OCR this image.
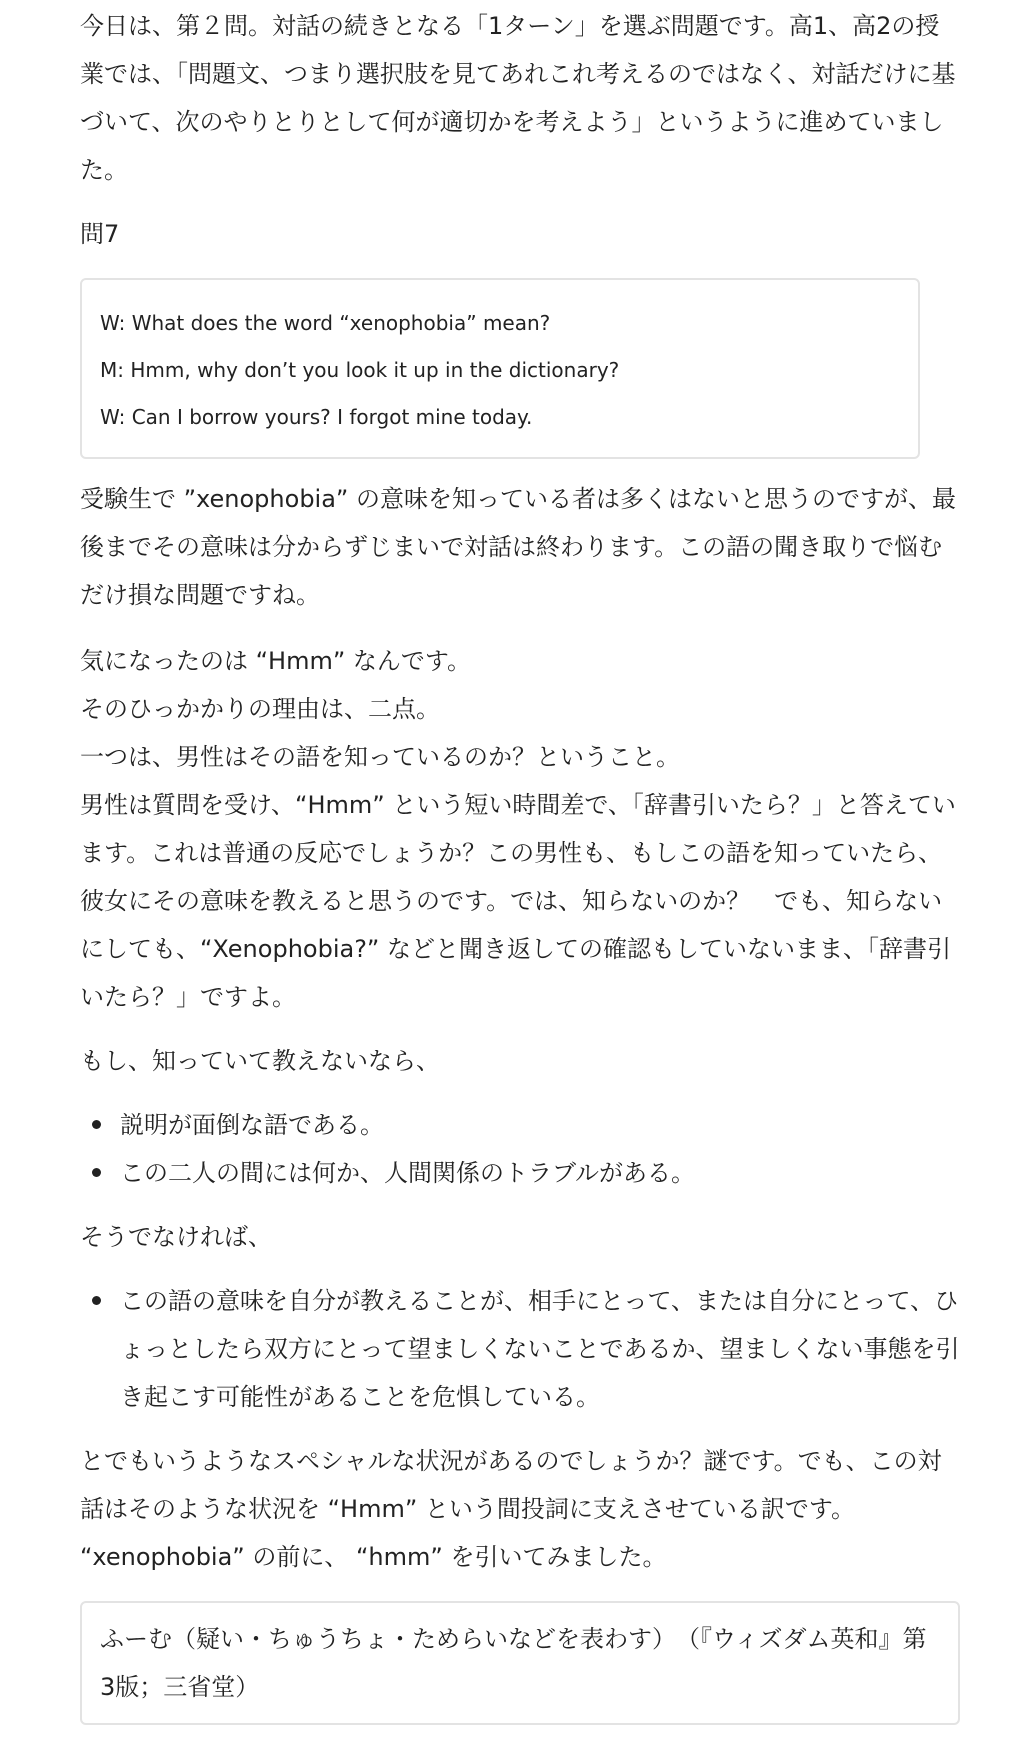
今日は、第２問。対話の続きとなる「1ターン」を選ぶ問題です。高1、高2の授業では、「問題文、つまり選択肢を見てあれこれ考えるのではなく、対話だけに基づいて、次のやりとりとして何が適切かを考えよう」というように進めていました。

問7

W: What does the word “xenophobia” mean?

M: Hmm, why don’t you look it up in the dictionary?

W: Can I borrow yours? I forgot mine today.

受験生で ”xenophobia” の意味を知っている者は多くはないと思うのですが、最後までその意味は分からずじまいで対話は終わります。この語の聞き取りで悩むだけ損な問題ですね。

気になったのは “Hmm” なんです。

そのひっかかりの理由は、二点。

一つは、男性はその語を知っているのか？ということ。

男性は質問を受け、“Hmm” という短い時間差で、「辞書引いたら？」と答えています。これは普通の反応でしょうか？この男性も、もしこの語を知っていたら、彼女にその意味を教えると思うのです。では、知らないのか？　でも、知らないにしても、“Xenophobia?” などと聞き返しての確認もしていないまま、「辞書引いたら？」ですよ。

もし、知っていて教えないなら、

説明が面倒な語である。
この二人の間には何か、人間関係のトラブルがある。

そうでなければ、

この語の意味を自分が教えることが、相手にとって、または自分にとって、ひょっとしたら双方にとって望ましくないことであるか、望ましくない事態を引き起こす可能性があることを危惧している。

とでもいうようなスペシャルな状況があるのでしょうか？謎です。でも、この対話はそのような状況を “Hmm” という間投詞に支えさせている訳です。

“xenophobia” の前に、 “hmm” を引いてみました。

ふーむ（疑い・ちゅうちょ・ためらいなどを表わす）　（『ウィズダム英和』第3版；三省堂）
